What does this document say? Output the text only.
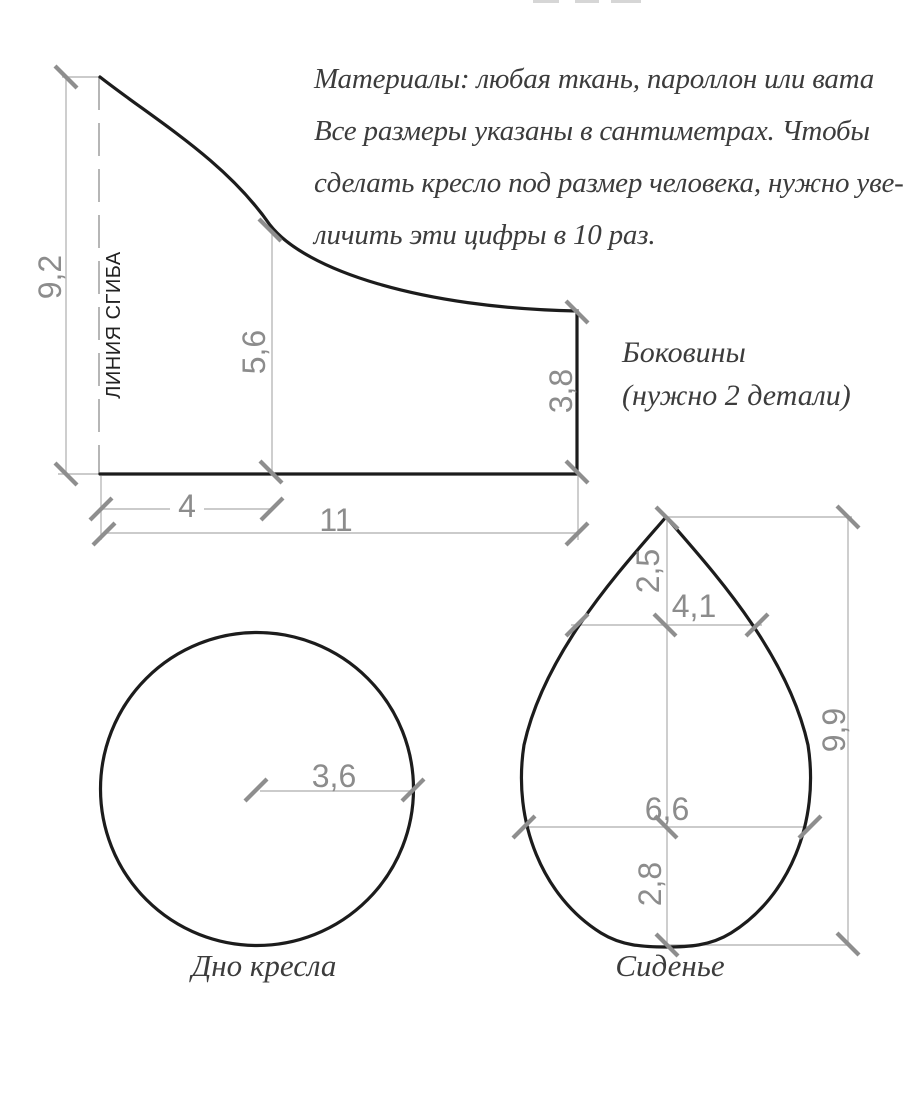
9,2
5,6
3,8
4	11
ЛИНИЯ СГИБА
3,6
2,5
4,1
9,9
6,6
2,8
Материалы: любая ткань, пароллон или вата
Все размеры указаны в сантиметрах. Чтобы
сделать кресло под размер человека, нужно уве-
личить эти цифры в 10 раз.
Боковины
(нужно 2 детали)
Дно кресла	Сиденье
